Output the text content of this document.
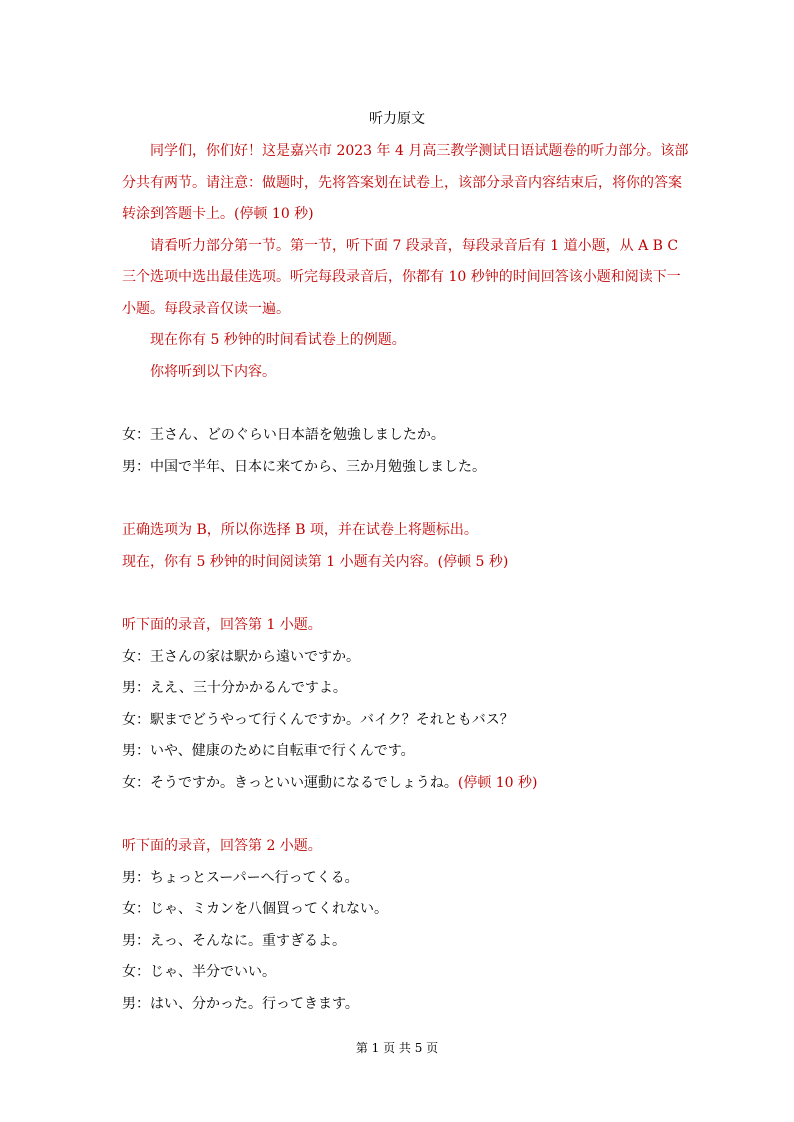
听力原文

同学们，你们好！这是嘉兴市 2023 年 4 月高三教学测试日语试题卷的听力部分。该部分共有两节。请注意：做题时，先将答案划在试卷上，该部分录音内容结束后，将你的答案转涂到答题卡上。(停顿 10 秒)

请看听力部分第一节。第一节，听下面 7 段录音，每段录音后有 1 道小题，从 A B C 三个选项中选出最佳选项。听完每段录音后，你都有 10 秒钟的时间回答该小题和阅读下一小题。每段录音仅读一遍。

现在你有 5 秒钟的时间看试卷上的例题。

你将听到以下内容。

女：王さん、どのぐらい日本語を勉強しましたか。

男：中国で半年、日本に来てから、三か月勉強しました。

正确选项为 B，所以你选择 B 项，并在试卷上将题标出。

现在，你有 5 秒钟的时间阅读第 1 小题有关内容。(停顿 5 秒)

听下面的录音，回答第 1 小题。

女：王さんの家は駅から遠いですか。

男：ええ、三十分かかるんですよ。

女：駅までどうやって行くんですか。バイク？それともバス？

男：いや、健康のために自転車で行くんです。

女：そうですか。きっといい運動になるでしょうね。(停顿 10 秒)

听下面的录音，回答第 2 小题。

男：ちょっとスーパーへ行ってくる。

女：じゃ、ミカンを八個買ってくれない。

男：えっ、そんなに。重すぎるよ。

女：じゃ、半分でいい。

男：はい、分かった。行ってきます。

第 1 页 共 5 页
